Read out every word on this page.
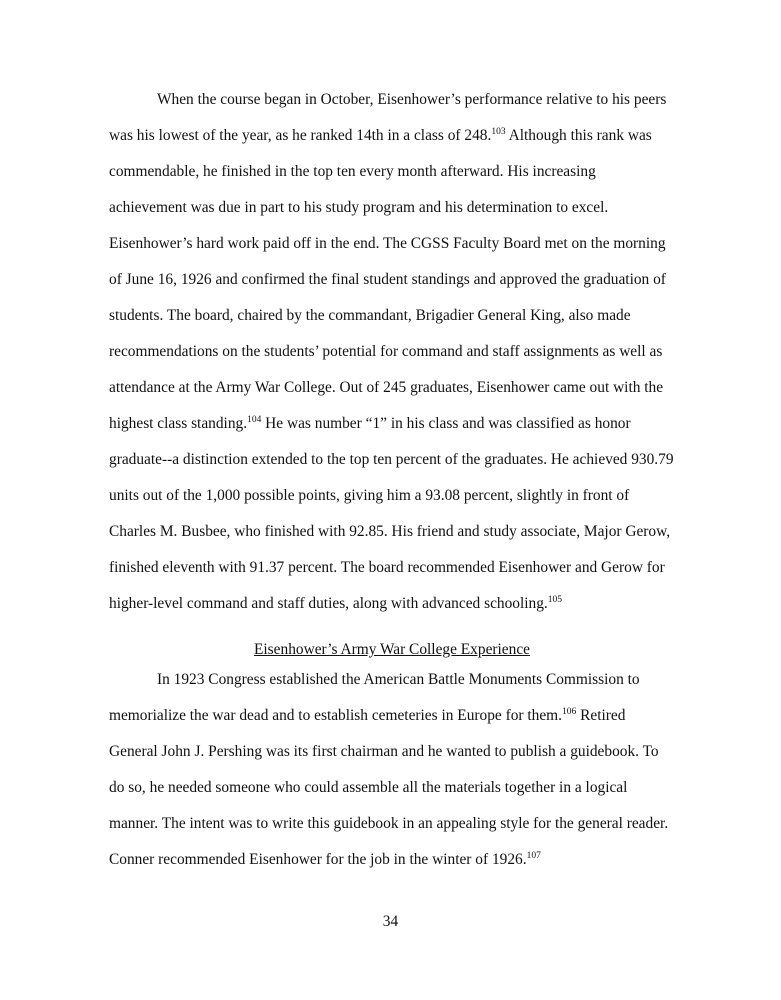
When the course began in October, Eisenhower’s performance relative to his peers was his lowest of the year, as he ranked 14th in a class of 248.$^{103}$ Although this rank was commendable, he finished in the top ten every month afterward. His increasing achievement was due in part to his study program and his determination to excel. Eisenhower’s hard work paid off in the end. The CGSS Faculty Board met on the morning of June 16, 1926 and confirmed the final student standings and approved the graduation of students. The board, chaired by the commandant, Brigadier General King, also made recommendations on the students’ potential for command and staff assignments as well as attendance at the Army War College. Out of 245 graduates, Eisenhower came out with the highest class standing.$^{104}$ He was number “1” in his class and was classified as honor graduate--a distinction extended to the top ten percent of the graduates. He achieved 930.79 units out of the 1,000 possible points, giving him a 93.08 percent, slightly in front of Charles M. Busbee, who finished with 92.85. His friend and study associate, Major Gerow, finished eleventh with 91.37 percent. The board recommended Eisenhower and Gerow for higher-level command and staff duties, along with advanced schooling.$^{105}$

Eisenhower’s Army War College Experience

In 1923 Congress established the American Battle Monuments Commission to memorialize the war dead and to establish cemeteries in Europe for them.$^{106}$ Retired General John J. Pershing was its first chairman and he wanted to publish a guidebook. To do so, he needed someone who could assemble all the materials together in a logical manner. The intent was to write this guidebook in an appealing style for the general reader. Conner recommended Eisenhower for the job in the winter of 1926.$^{107}$

34
